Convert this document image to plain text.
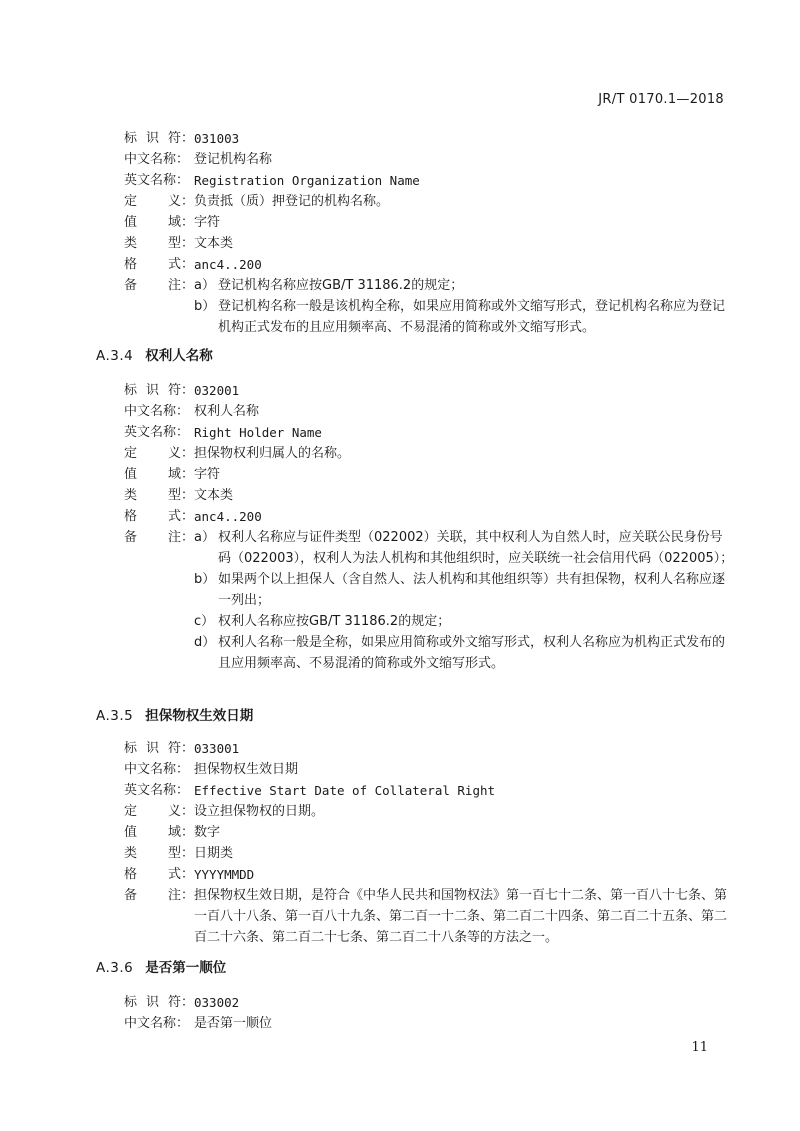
JR/T 0170.1—2018
标 识 符： 031003
中文名称： 登记机构名称
英文名称： Registration Organization Name
定 义： 负责抵（质）押登记的机构名称。
值 域： 字符
类 型： 文本类
格 式： anc4..200
备 注： a） 登记机构名称应按GB/T 31186.2的规定；
b） 登记机构名称一般是该机构全称，如果应用简称或外文缩写形式，登记机构名称应为登记机构正式发布的且应用频率高、不易混淆的简称或外文缩写形式。
A.3.4 权利人名称
标 识 符： 032001
中文名称： 权利人名称
英文名称： Right Holder Name
定 义： 担保物权利归属人的名称。
值 域： 字符
类 型： 文本类
格 式： anc4..200
备 注： a） 权利人名称应与证件类型（022002）关联，其中权利人为自然人时，应关联公民身份号码（022003），权利人为法人机构和其他组织时，应关联统一社会信用代码（022005）；
b） 如果两个以上担保人（含自然人、法人机构和其他组织等）共有担保物，权利人名称应逐一列出；
c） 权利人名称应按GB/T 31186.2的规定；
d） 权利人名称一般是全称，如果应用简称或外文缩写形式，权利人名称应为机构正式发布的且应用频率高、不易混淆的简称或外文缩写形式。
A.3.5 担保物权生效日期
标 识 符： 033001
中文名称： 担保物权生效日期
英文名称： Effective Start Date of Collateral Right
定 义： 设立担保物权的日期。
值 域： 数字
类 型： 日期类
格 式： YYYYMMDD
备 注： 担保物权生效日期，是符合《中华人民共和国物权法》第一百七十二条、第一百八十七条、第一百八十八条、第一百八十九条、第二百一十二条、第二百二十四条、第二百二十五条、第二百二十六条、第二百二十七条、第二百二十八条等的方法之一。
A.3.6 是否第一顺位
标 识 符： 033002
中文名称： 是否第一顺位
11
